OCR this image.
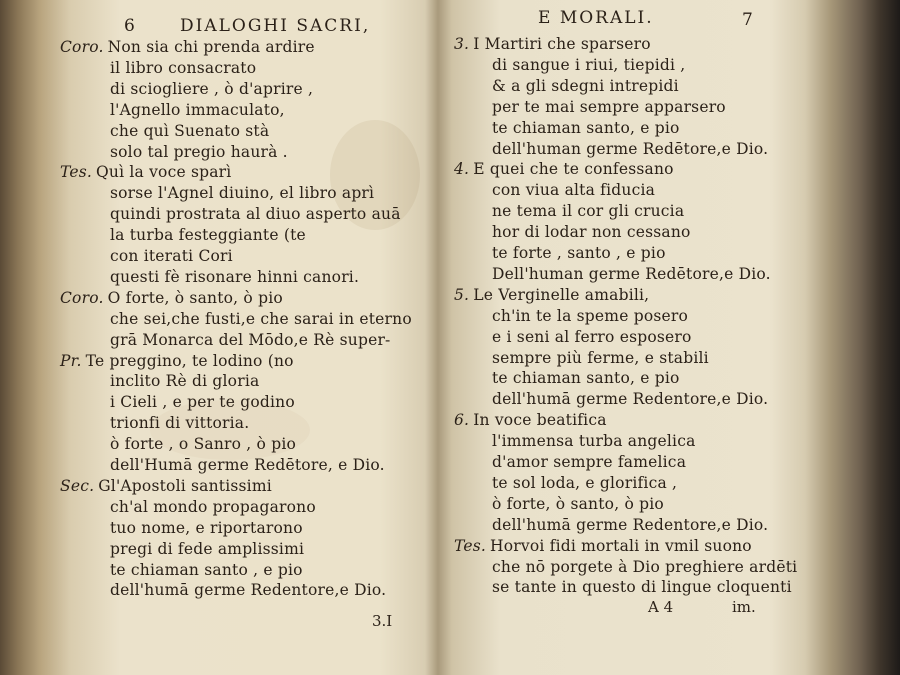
6	DIALOGHI SACRI,
Coro. Non sia chi prenda ardire
il libro consacrato
di sciogliere , ò d'aprire ,
l'Agnello immaculato,
che quì Suenato stà
solo tal pregio haurà .
Tes. Quì la voce sparì
sorse l'Agnel diuino, el libro aprì
quindi prostrata al diuo asperto auā
la turba festeggiante (te
con iterati Cori
questi fè risonare hinni canori.
Coro. O forte, ò santo, ò pio
che sei,che fusti,e che sarai in eterno
grā Monarca del Mōdo,e Rè super-
Pr. Te preggino, te lodino (no
inclito Rè di gloria
i Cieli , e per te godino
trionfi di vittoria.
ò forte , o Sanro , ò pio
dell'Humā germe Redētore, e Dio.
Sec. Gl'Apostoli santissimi
ch'al mondo propagarono
tuo nome, e riportarono
pregi di fede amplissimi
te chiaman santo , e pio
dell'humā germe Redentore,e Dio.
3.I
E MORALI.	7
3. I Martiri che sparsero
di sangue i riui, tiepidi ,
& a gli sdegni intrepidi
per te mai sempre apparsero
te chiaman santo, e pio
dell'human germe Redētore,e Dio.
4. E quei che te confessano
con viua alta fiducia
ne tema il cor gli crucia
hor di lodar non cessano
te forte , santo , e pio
Dell'human germe Redētore,e Dio.
5. Le Verginelle amabili,
ch'in te la speme posero
e i seni al ferro esposero
sempre più ferme, e stabili
te chiaman santo, e pio
dell'humā germe Redentore,e Dio.
6. In voce beatifica
l'immensa turba angelica
d'amor sempre famelica
te sol loda, e glorifica ,
ò forte, ò santo, ò pio
dell'humā germe Redentore,e Dio.
Tes. Horvoi fidi mortali in vmil suono
che nō porgete à Dio preghiere ardēti
se tante in questo di lingue cloquenti
A 4	im.
